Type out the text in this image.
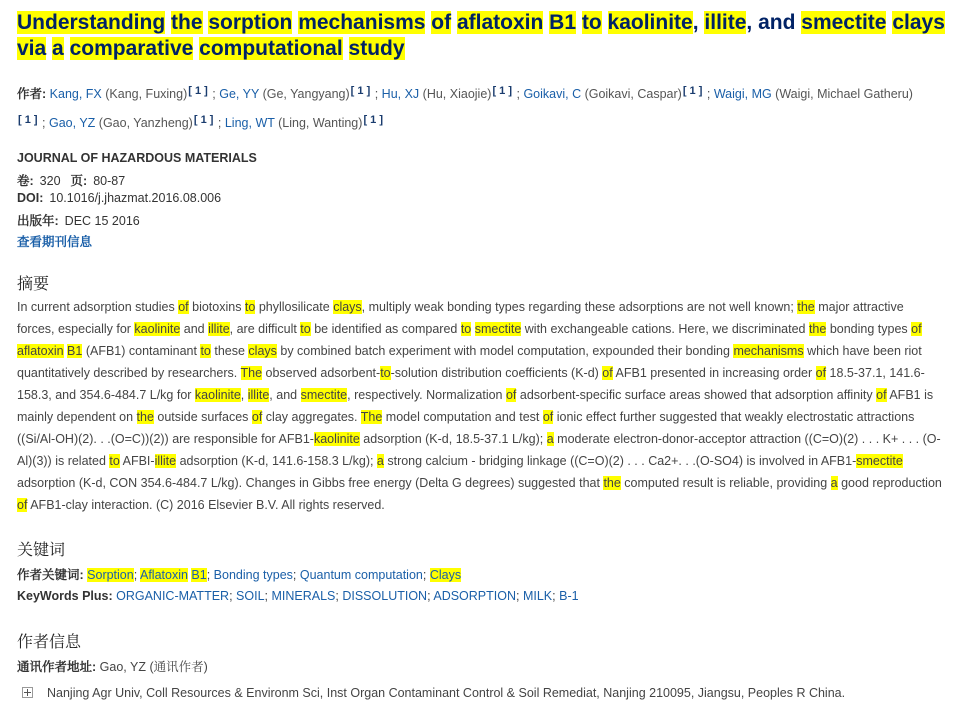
Understanding the sorption mechanisms of aflatoxin B1 to kaolinite, illite, and smectite clays via a comparative computational study
作者: Kang, FX (Kang, Fuxing)[ 1 ] ; Ge, YY (Ge, Yangyang)[ 1 ] ; Hu, XJ (Hu, Xiaojie)[ 1 ] ; Goikavi, C (Goikavi, Caspar)[ 1 ] ; Waigi, MG (Waigi, Michael Gatheru)[ 1 ] ; Gao, YZ (Gao, Yanzheng)[ 1 ] ; Ling, WT (Ling, Wanting)[ 1 ]
JOURNAL OF HAZARDOUS MATERIALS
卷: 320 页: 80-87
DOI: 10.1016/j.jhazmat.2016.08.006
出版年: DEC 15 2016
查看期刊信息
摘要

In current adsorption studies of biotoxins to phyllosilicate clays, multiply weak bonding types regarding these adsorptions are not well known; the major attractive forces, especially for kaolinite and illite, are difficult to be identified as compared to smectite with exchangeable cations. Here, we discriminated the bonding types of aflatoxin B1 (AFB1) contaminant to these clays by combined batch experiment with model computation, expounded their bonding mechanisms which have been riot quantitatively described by researchers. The observed adsorbent-to-solution distribution coefficients (K-d) of AFB1 presented in increasing order of 18.5-37.1, 141.6-158.3, and 354.6-484.7 L/kg for kaolinite, illite, and smectite, respectively. Normalization of adsorbent-specific surface areas showed that adsorption affinity of AFB1 is mainly dependent on the outside surfaces of clay aggregates. The model computation and test of ionic effect further suggested that weakly electrostatic attractions ((Si/Al-OH)(2). . .(O=C))(2)) are responsible for AFB1-kaolinite adsorption (K-d, 18.5-37.1 L/kg); a moderate electron-donor-acceptor attraction ((C=O)(2) . . . K+ . . . (O-Al)(3)) is related to AFBI-illite adsorption (K-d, 141.6-158.3 L/kg); a strong calcium - bridging linkage ((C=O)(2) . . . Ca2+. . .(O-SO4) is involved in AFB1-smectite adsorption (K-d, CON 354.6-484.7 L/kg). Changes in Gibbs free energy (Delta G degrees) suggested that the computed result is reliable, providing a good reproduction of AFB1-clay interaction. (C) 2016 Elsevier B.V. All rights reserved.

关键词
作者关键词: Sorption; Aflatoxin B1; Bonding types; Quantum computation; Clays
KeyWords Plus: ORGANIC-MATTER; SOIL; MINERALS; DISSOLUTION; ADSORPTION; MILK; B-1
作者信息
通讯作者地址: Gao, YZ (通讯作者)
Nanjing Agr Univ, Coll Resources & Environm Sci, Inst Organ Contaminant Control & Soil Remediat, Nanjing 210095, Jiangsu, Peoples R China.
